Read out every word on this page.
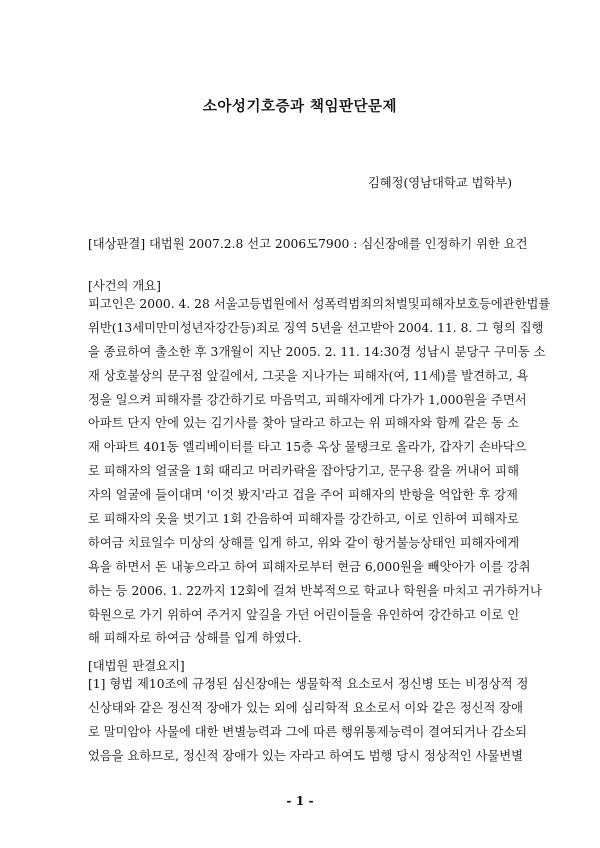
소아성기호증과 책임판단문제
김혜정(영남대학교 법학부)
[대상판결] 대법원 2007.2.8 선고 2006도7900 : 심신장애를 인정하기 위한 요건
[사건의 개요]
피고인은 2000. 4. 28 서울고등법원에서 성폭력범죄의처벌및피해자보호등에관한법률
위반(13세미만미성년자강간등)죄로 징역 5년을 선고받아 2004. 11. 8. 그 형의 집행
을 종료하여 출소한 후 3개월이 지난 2005. 2. 11. 14:30경 성남시 분당구 구미동 소
재 상호불상의 문구점 앞길에서, 그곳을 지나가는 피해자(여, 11세)를 발견하고, 욕
정을 일으켜 피해자를 강간하기로 마음먹고, 피해자에게 다가가 1,000원을 주면서
아파트 단지 안에 있는 김기사를 찾아 달라고 하고는 위 피해자와 함께 같은 동 소
재 아파트 401동 엘리베이터를 타고 15층 옥상 물탱크로 올라가, 갑자기 손바닥으
로 피해자의 얼굴을 1회 때리고 머리카락을 잡아당기고, 문구용 칼을 꺼내어 피해
자의 얼굴에 들이대며 '이것 봤지'라고 겁을 주어 피해자의 반항을 억압한 후 강제
로 피해자의 옷을 벗기고 1회 간음하여 피해자를 강간하고, 이로 인하여 피해자로
하여금 치료일수 미상의 상해를 입게 하고, 위와 같이 항거불능상태인 피해자에게
욕을 하면서 돈 내놓으라고 하여 피해자로부터 현금 6,000원을 빼앗아가 이를 강취
하는 등 2006. 1. 22까지 12회에 걸쳐 반복적으로 학교나 학원을 마치고 귀가하거나
학원으로 가기 위하여 주거지 앞길을 가던 어린이들을 유인하여 강간하고 이로 인
해 피해자로 하여금 상해를 입게 하였다.
[대법원 판결요지]
[1] 형법 제10조에 규정된 심신장애는 생물학적 요소로서 정신병 또는 비정상적 정
신상태와 같은 정신적 장애가 있는 외에 심리학적 요소로서 이와 같은 정신적 장애
로 말미암아 사물에 대한 변별능력과 그에 따른 행위통제능력이 결여되거나 감소되
었음을 요하므로, 정신적 장애가 있는 자라고 하여도 범행 당시 정상적인 사물변별
- 1 -
